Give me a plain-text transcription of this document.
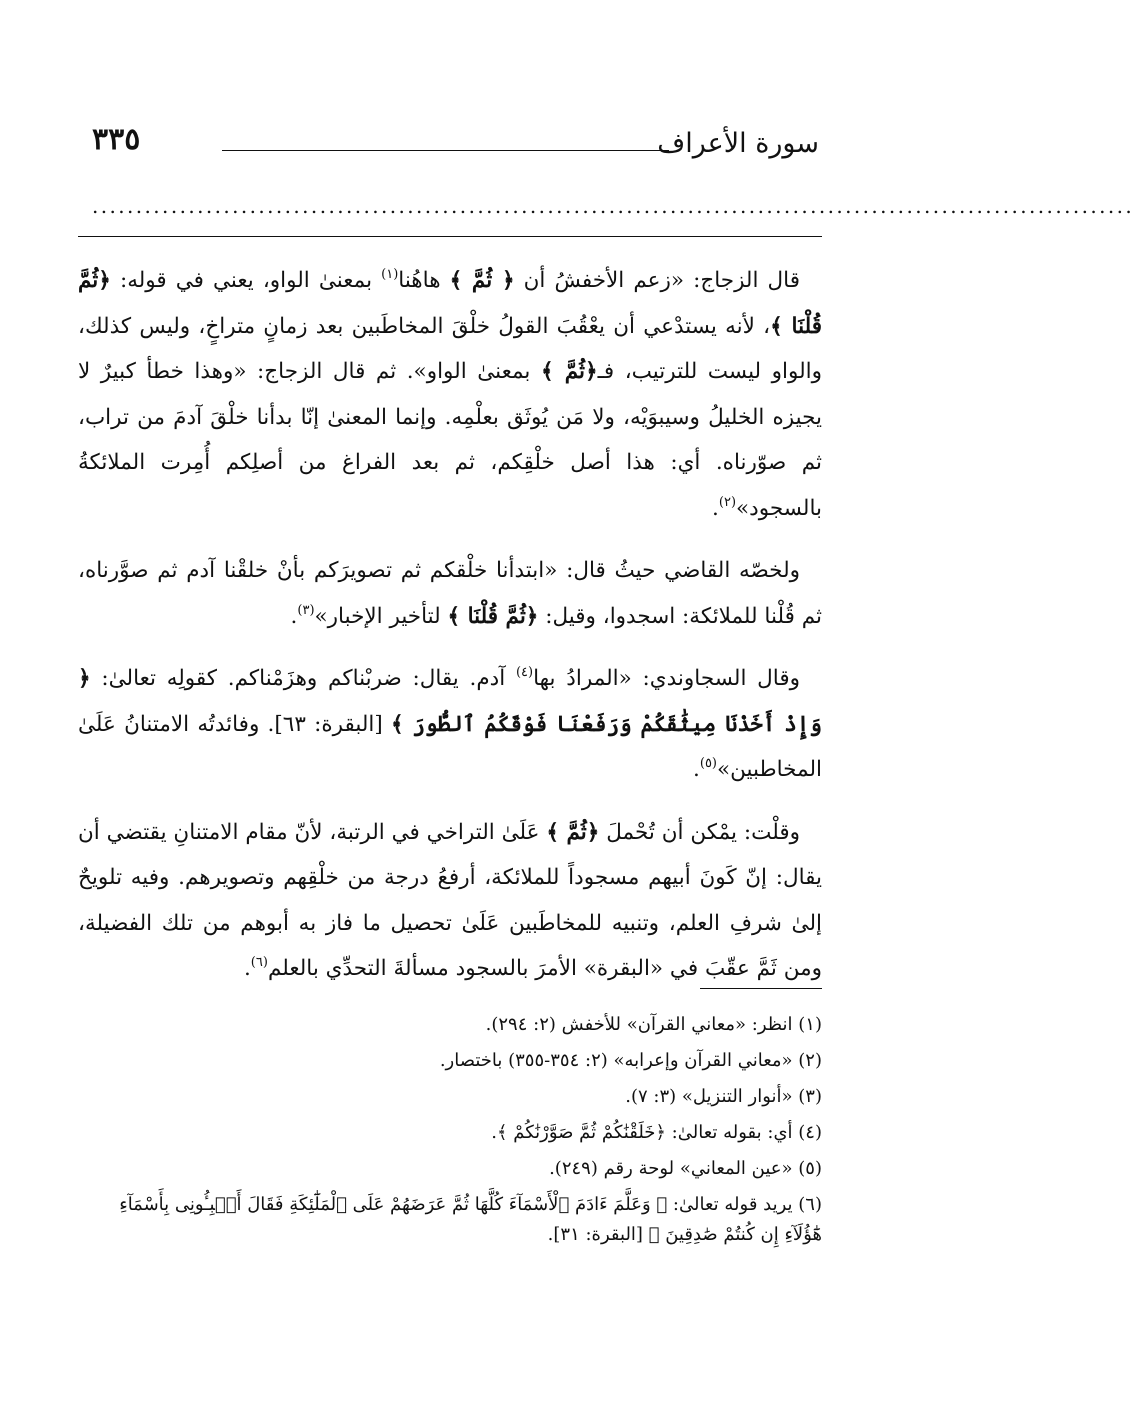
سورة الأعراف
٣٣٥
.......................................................................................................................

قال الزجاج: «زعم الأخفشُ أن ﴿ ثُمَّ ﴾ هاهُنا$^{(١)}$ بمعنىٰ الواو، يعني في قوله: ﴿ثُمَّ قُلْنَا ﴾، لأنه يستدْعي أن يعْقُبَ القولُ خلْقَ المخاطَبين بعد زمانٍ متراخٍ، وليس كذلك، والواو ليست للترتيب، فـ﴿ثُمَّ ﴾ بمعنىٰ الواو». ثم قال الزجاج: «وهذا خطأ كبيرٌ لا يجيزه الخليلُ وسيبوَيْه، ولا مَن يُوثَق بعلْمِه. وإنما المعنىٰ إنّا بدأنا خلْقَ آدمَ من تراب، ثم صوّرناه. أي: هذا أصل خلْقِكم، ثم بعد الفراغ من أصلِكم أُمِرت الملائكةُ بالسجود»$^{(٢)}$.

ولخصّه القاضي حيثُ قال: «ابتدأنا خلْقكم ثم تصويرَكم بأنْ خلقْنا آدم ثم صوَّرناه، ثم قُلْنا للملائكة: اسجدوا، وقيل: ﴿ثُمَّ قُلْنَا ﴾ لتأخير الإخبار»$^{(٣)}$.

وقال السجاوندي: «المرادُ بها$^{(٤)}$ آدم. يقال: ضربْناكم وهزَمْناكم. كقولِه تعالىٰ: ﴿ وَإِذْ أَخَذْنَا مِيثَٰقَكُمْ وَرَفَعْنَا فَوْقَكُمُ ٱلطُّورَ ﴾ [البقرة: ٦٣]. وفائدتُه الامتنانُ عَلَىٰ المخاطبين»$^{(٥)}$.

وقلْت: يمْكن أن تُحْملَ ﴿ثُمَّ ﴾ عَلَىٰ التراخي في الرتبة، لأنّ مقام الامتنانِ يقتضي أن يقال: إنّ كَونَ أبيهم مسجوداً للملائكة، أرفعُ درجة من خلْقِهم وتصويرهم. وفيه تلويحٌ إلىٰ شرفِ العلم، وتنبيه للمخاطَبين عَلَىٰ تحصيل ما فاز به أبوهم من تلك الفضيلة، ومن ثَمَّ عقّبَ في «البقرة» الأمرَ بالسجود مسألةَ التحدِّي بالعلم$^{(٦)}$.

(١) انظر: «معاني القرآن» للأخفش (٢: ٢٩٤).
(٢) «معاني القرآن وإعرابه» (٢: ٣٥٤-٣٥٥) باختصار.
(٣) «أنوار التنزيل» (٣: ٧).
(٤) أي: بقوله تعالىٰ: ﴿خَلَقْنَٰكُمْ ثُمَّ صَوَّرْنَٰكُمْ ﴾.
(٥) «عين المعاني» لوحة رقم (٢٤٩).
(٦) يريد قوله تعالىٰ: ﴿ وَعَلَّمَ ءَادَمَ ٱلْأَسْمَآءَ كُلَّهَا ثُمَّ عَرَضَهُمْ عَلَى ٱلْمَلَٰٓئِكَةِ فَقَالَ أَنۢبِـُٔونِى بِأَسْمَآءِ هَٰٓؤُلَآءِ إِن كُنتُمْ صَٰدِقِينَ ﴾ [البقرة: ٣١].
